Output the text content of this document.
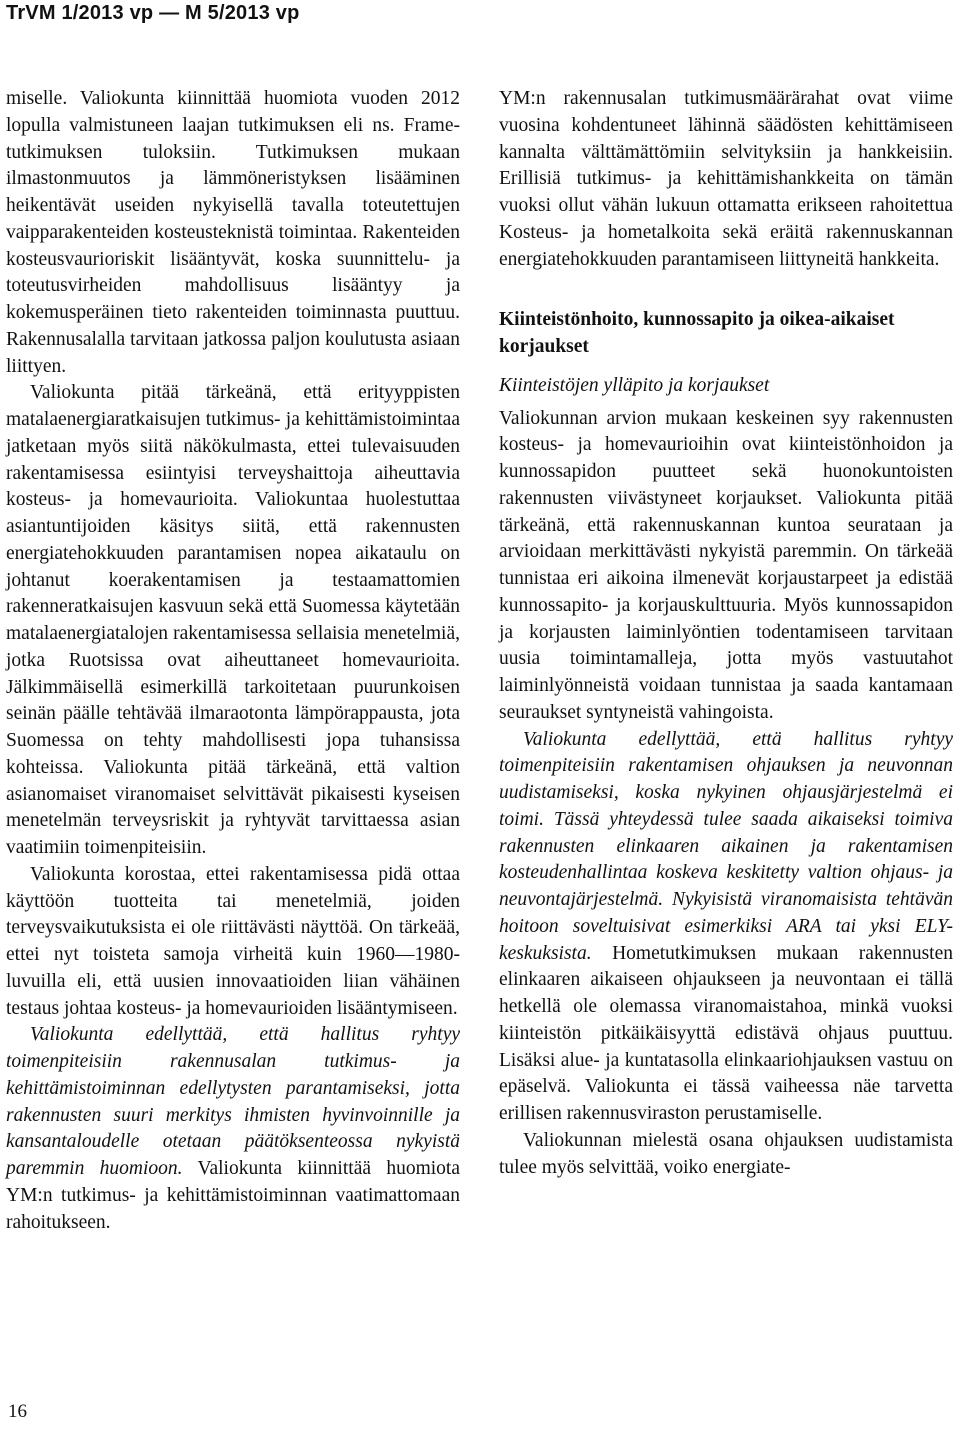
TrVM 1/2013 vp — M 5/2013 vp

miselle. Valiokunta kiinnittää huomiota vuoden 2012 lopulla valmistuneen laajan tutkimuksen eli ns. Frame-tutkimuksen tuloksiin. Tutkimuksen mukaan ilmastonmuutos ja lämmöneristyksen lisääminen heikentävät useiden nykyisellä tavalla toteutettujen vaipparakenteiden kosteusteknistä toimintaa. Rakenteiden kosteusvaurioriskit lisääntyvät, koska suunnittelu- ja toteutusvirheiden mahdollisuus lisääntyy ja kokemusperäinen tieto rakenteiden toiminnasta puuttuu. Rakennusalalla tarvitaan jatkossa paljon koulutusta asiaan liittyen.

Valiokunta pitää tärkeänä, että erityyppisten matalaenergiaratkaisujen tutkimus- ja kehittämistoimintaa jatketaan myös siitä näkökulmasta, ettei tulevaisuuden rakentamisessa esiintyisi terveyshaittoja aiheuttavia kosteus- ja homevaurioita. Valiokuntaa huolestuttaa asiantuntijoiden käsitys siitä, että rakennusten energiatehokkuuden parantamisen nopea aikataulu on johtanut koerakentamisen ja testaamattomien rakenneratkaisujen kasvuun sekä että Suomessa käytetään matalaenergiatalojen rakentamisessa sellaisia menetelmiä, jotka Ruotsissa ovat aiheuttaneet homevaurioita. Jälkimmäisellä esimerkillä tarkoitetaan puurunkoisen seinän päälle tehtävää ilmaraotonta lämpörappausta, jota Suomessa on tehty mahdollisesti jopa tuhansissa kohteissa. Valiokunta pitää tärkeänä, että valtion asianomaiset viranomaiset selvittävät pikaisesti kyseisen menetelmän terveysriskit ja ryhtyvät tarvittaessa asian vaatimiin toimenpiteisiin.

Valiokunta korostaa, ettei rakentamisessa pidä ottaa käyttöön tuotteita tai menetelmiä, joiden terveysvaikutuksista ei ole riittävästi näyttöä. On tärkeää, ettei nyt toisteta samoja virheitä kuin 1960—1980-luvuilla eli, että uusien innovaatioiden liian vähäinen testaus johtaa kosteus- ja homevaurioiden lisääntymiseen.

Valiokunta edellyttää, että hallitus ryhtyy toimenpiteisiin rakennusalan tutkimus- ja kehittämistoiminnan edellytysten parantamiseksi, jotta rakennusten suuri merkitys ihmisten hyvinvoinnille ja kansantaloudelle otetaan päätöksenteossa nykyistä paremmin huomioon. Valiokunta kiinnittää huomiota YM:n tutkimus- ja kehittämistoiminnan vaatimattomaan rahoitukseen.

YM:n rakennusalan tutkimusmäärärahat ovat viime vuosina kohdentuneet lähinnä säädösten kehittämiseen kannalta välttämättömiin selvityksiin ja hankkeisiin. Erillisiä tutkimus- ja kehittämishankkeita on tämän vuoksi ollut vähän lukuun ottamatta erikseen rahoitettua Kosteus- ja hometalkoita sekä eräitä rakennuskannan energiatehokkuuden parantamiseen liittyneitä hankkeita.

Kiinteistönhoito, kunnossapito ja oikea-aikaiset korjaukset
Kiinteistöjen ylläpito ja korjaukset

Valiokunnan arvion mukaan keskeinen syy rakennusten kosteus- ja homevaurioihin ovat kiinteistönhoidon ja kunnossapidon puutteet sekä huonokuntoisten rakennusten viivästyneet korjaukset. Valiokunta pitää tärkeänä, että rakennuskannan kuntoa seurataan ja arvioidaan merkittävästi nykyistä paremmin. On tärkeää tunnistaa eri aikoina ilmenevät korjaustarpeet ja edistää kunnossapito- ja korjauskulttuuria. Myös kunnossapidon ja korjausten laiminlyöntien todentamiseen tarvitaan uusia toimintamalleja, jotta myös vastuutahot laiminlyönneistä voidaan tunnistaa ja saada kantamaan seuraukset syntyneistä vahingoista.

Valiokunta edellyttää, että hallitus ryhtyy toimenpiteisiin rakentamisen ohjauksen ja neuvonnan uudistamiseksi, koska nykyinen ohjausjärjestelmä ei toimi. Tässä yhteydessä tulee saada aikaiseksi toimiva rakennusten elinkaaren aikainen ja rakentamisen kosteudenhallintaa koskeva keskitetty valtion ohjaus- ja neuvontajärjestelmä. Nykyisistä viranomaisista tehtävän hoitoon soveltuisivat esimerkiksi ARA tai yksi ELY-keskuksista. Hometutkimuksen mukaan rakennusten elinkaaren aikaiseen ohjaukseen ja neuvontaan ei tällä hetkellä ole olemassa viranomaistahoa, minkä vuoksi kiinteistön pitkäikäisyyttä edistävä ohjaus puuttuu. Lisäksi alue- ja kuntatasolla elinkaariohjauksen vastuu on epäselvä. Valiokunta ei tässä vaiheessa näe tarvetta erillisen rakennusviraston perustamiselle.

Valiokunnan mielestä osana ohjauksen uudistamista tulee myös selvittää, voiko energiate-

16
